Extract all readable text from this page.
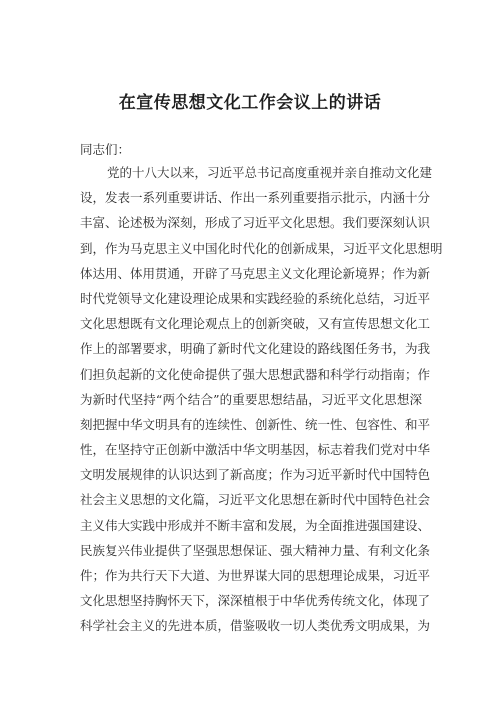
在宣传思想文化工作会议上的讲话

同志们：

党的十八大以来，习近平总书记高度重视并亲自推动文化建
设，发表一系列重要讲话、作出一系列重要指示批示，内涵十分
丰富、论述极为深刻，形成了习近平文化思想。我们要深刻认识
到，作为马克思主义中国化时代化的创新成果，习近平文化思想明
体达用、体用贯通，开辟了马克思主义文化理论新境界；作为新
时代党领导文化建设理论成果和实践经验的系统化总结，习近平
文化思想既有文化理论观点上的创新突破，又有宣传思想文化工
作上的部署要求，明确了新时代文化建设的路线图任务书，为我
们担负起新的文化使命提供了强大思想武器和科学行动指南；作
为新时代坚持“两个结合”的重要思想结晶，习近平文化思想深
刻把握中华文明具有的连续性、创新性、统一性、包容性、和平
性，在坚持守正创新中激活中华文明基因，标志着我们党对中华
文明发展规律的认识达到了新高度；作为习近平新时代中国特色
社会主义思想的文化篇，习近平文化思想在新时代中国特色社会
主义伟大实践中形成并不断丰富和发展，为全面推进强国建设、
民族复兴伟业提供了坚强思想保证、强大精神力量、有利文化条
件；作为共行天下大道、为世界谋大同的思想理论成果，习近平
文化思想坚持胸怀天下，深深植根于中华优秀传统文化，体现了
科学社会主义的先进本质，借鉴吸收一切人类优秀文明成果，为
